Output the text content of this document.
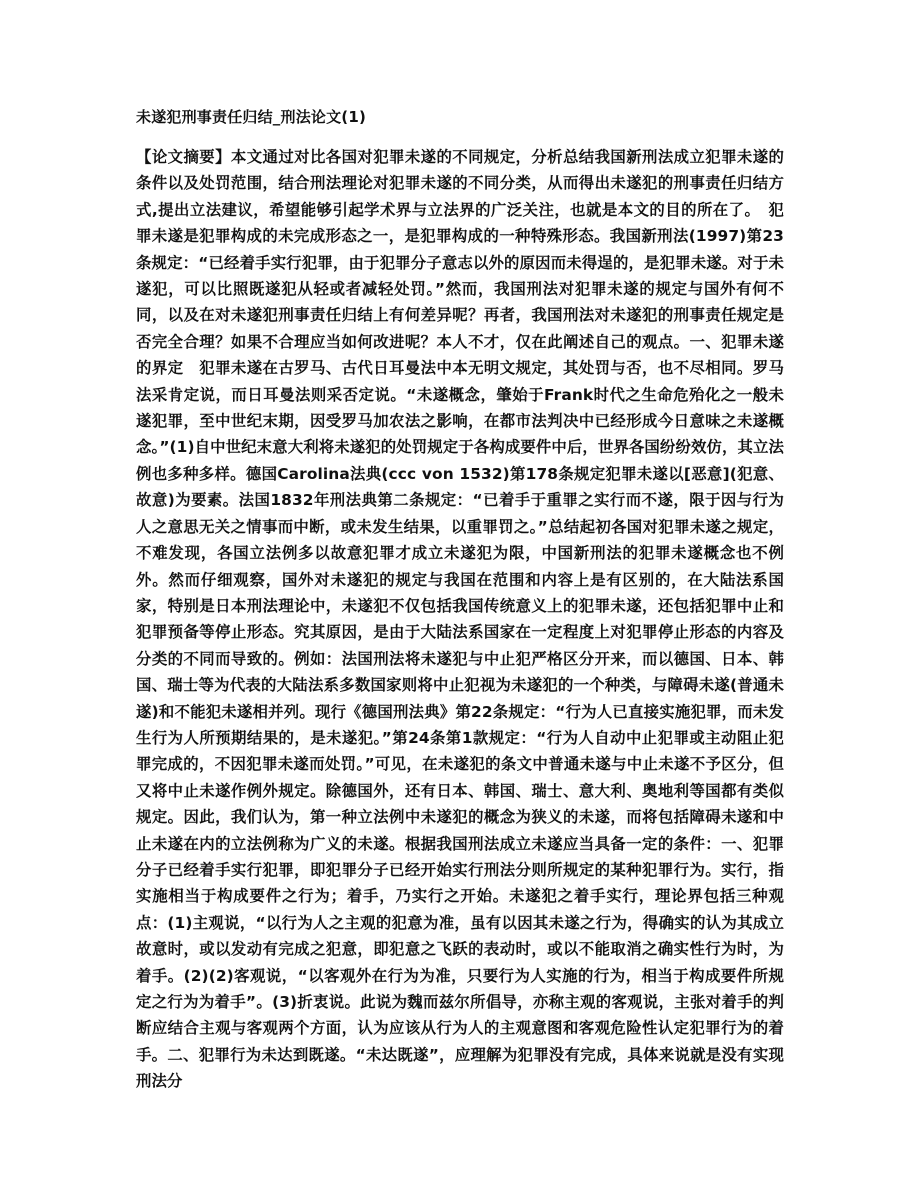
未遂犯刑事责任归结_刑法论文(1)

【论文摘要】本文通过对比各国对犯罪未遂的不同规定，分析总结我国新刑法成立犯罪未遂的条件以及处罚范围，结合刑法理论对犯罪未遂的不同分类，从而得出未遂犯的刑事责任归结方式,提出立法建议，希望能够引起学术界与立法界的广泛关注，也就是本文的目的所在了。　犯罪未遂是犯罪构成的未完成形态之一，是犯罪构成的一种特殊形态。我国新刑法(1997)第23条规定：“已经着手实行犯罪，由于犯罪分子意志以外的原因而未得逞的，是犯罪未遂。对于未遂犯，可以比照既遂犯从轻或者减轻处罚。”然而，我国刑法对犯罪未遂的规定与国外有何不同，以及在对未遂犯刑事责任归结上有何差异呢？再者，我国刑法对未遂犯的刑事责任规定是否完全合理？如果不合理应当如何改进呢？本人不才，仅在此阐述自己的观点。一、犯罪未遂的界定　犯罪未遂在古罗马、古代日耳曼法中本无明文规定，其处罚与否，也不尽相同。罗马法采肯定说，而日耳曼法则采否定说。“未遂概念，肇始于Frank时代之生命危殆化之一般未遂犯罪，至中世纪末期，因受罗马加农法之影响，在都市法判决中已经形成今日意味之未遂概念。”(1)自中世纪末意大利将未遂犯的处罚规定于各构成要件中后，世界各国纷纷效仿，其立法例也多种多样。德国Carolina法典(ccc von 1532)第178条规定犯罪未遂以[恶意](犯意、故意)为要素。法国1832年刑法典第二条规定：“已着手于重罪之实行而不遂，限于因与行为人之意思无关之情事而中断，或未发生结果，以重罪罚之。”总结起初各国对犯罪未遂之规定，不难发现，各国立法例多以故意犯罪才成立未遂犯为限，中国新刑法的犯罪未遂概念也不例外。然而仔细观察，国外对未遂犯的规定与我国在范围和内容上是有区别的，在大陆法系国家，特别是日本刑法理论中，未遂犯不仅包括我国传统意义上的犯罪未遂，还包括犯罪中止和犯罪预备等停止形态。究其原因，是由于大陆法系国家在一定程度上对犯罪停止形态的内容及分类的不同而导致的。例如：法国刑法将未遂犯与中止犯严格区分开来，而以德国、日本、韩国、瑞士等为代表的大陆法系多数国家则将中止犯视为未遂犯的一个种类，与障碍未遂(普通未遂)和不能犯未遂相并列。现行《德国刑法典》第22条规定：“行为人已直接实施犯罪，而未发生行为人所预期结果的，是未遂犯。”第24条第1款规定：“行为人自动中止犯罪或主动阻止犯罪完成的，不因犯罪未遂而处罚。”可见，在未遂犯的条文中普通未遂与中止未遂不予区分，但又将中止未遂作例外规定。除德国外，还有日本、韩国、瑞士、意大利、奥地利等国都有类似规定。因此，我们认为，第一种立法例中未遂犯的概念为狭义的未遂，而将包括障碍未遂和中止未遂在内的立法例称为广义的未遂。根据我国刑法成立未遂应当具备一定的条件：一、犯罪分子已经着手实行犯罪，即犯罪分子已经开始实行刑法分则所规定的某种犯罪行为。实行，指实施相当于构成要件之行为；着手，乃实行之开始。未遂犯之着手实行，理论界包括三种观点：(1)主观说，“以行为人之主观的犯意为准，虽有以因其未遂之行为，得确实的认为其成立故意时，或以发动有完成之犯意，即犯意之飞跃的表动时，或以不能取消之确实性行为时，为着手。(2)(2)客观说，“以客观外在行为为准，只要行为人实施的行为，相当于构成要件所规定之行为为着手”。(3)折衷说。此说为魏而兹尔所倡导，亦称主观的客观说，主张对着手的判断应结合主观与客观两个方面，认为应该从行为人的主观意图和客观危险性认定犯罪行为的着手。二、犯罪行为未达到既遂。“未达既遂”，应理解为犯罪没有完成，具体来说就是没有实现刑法分
